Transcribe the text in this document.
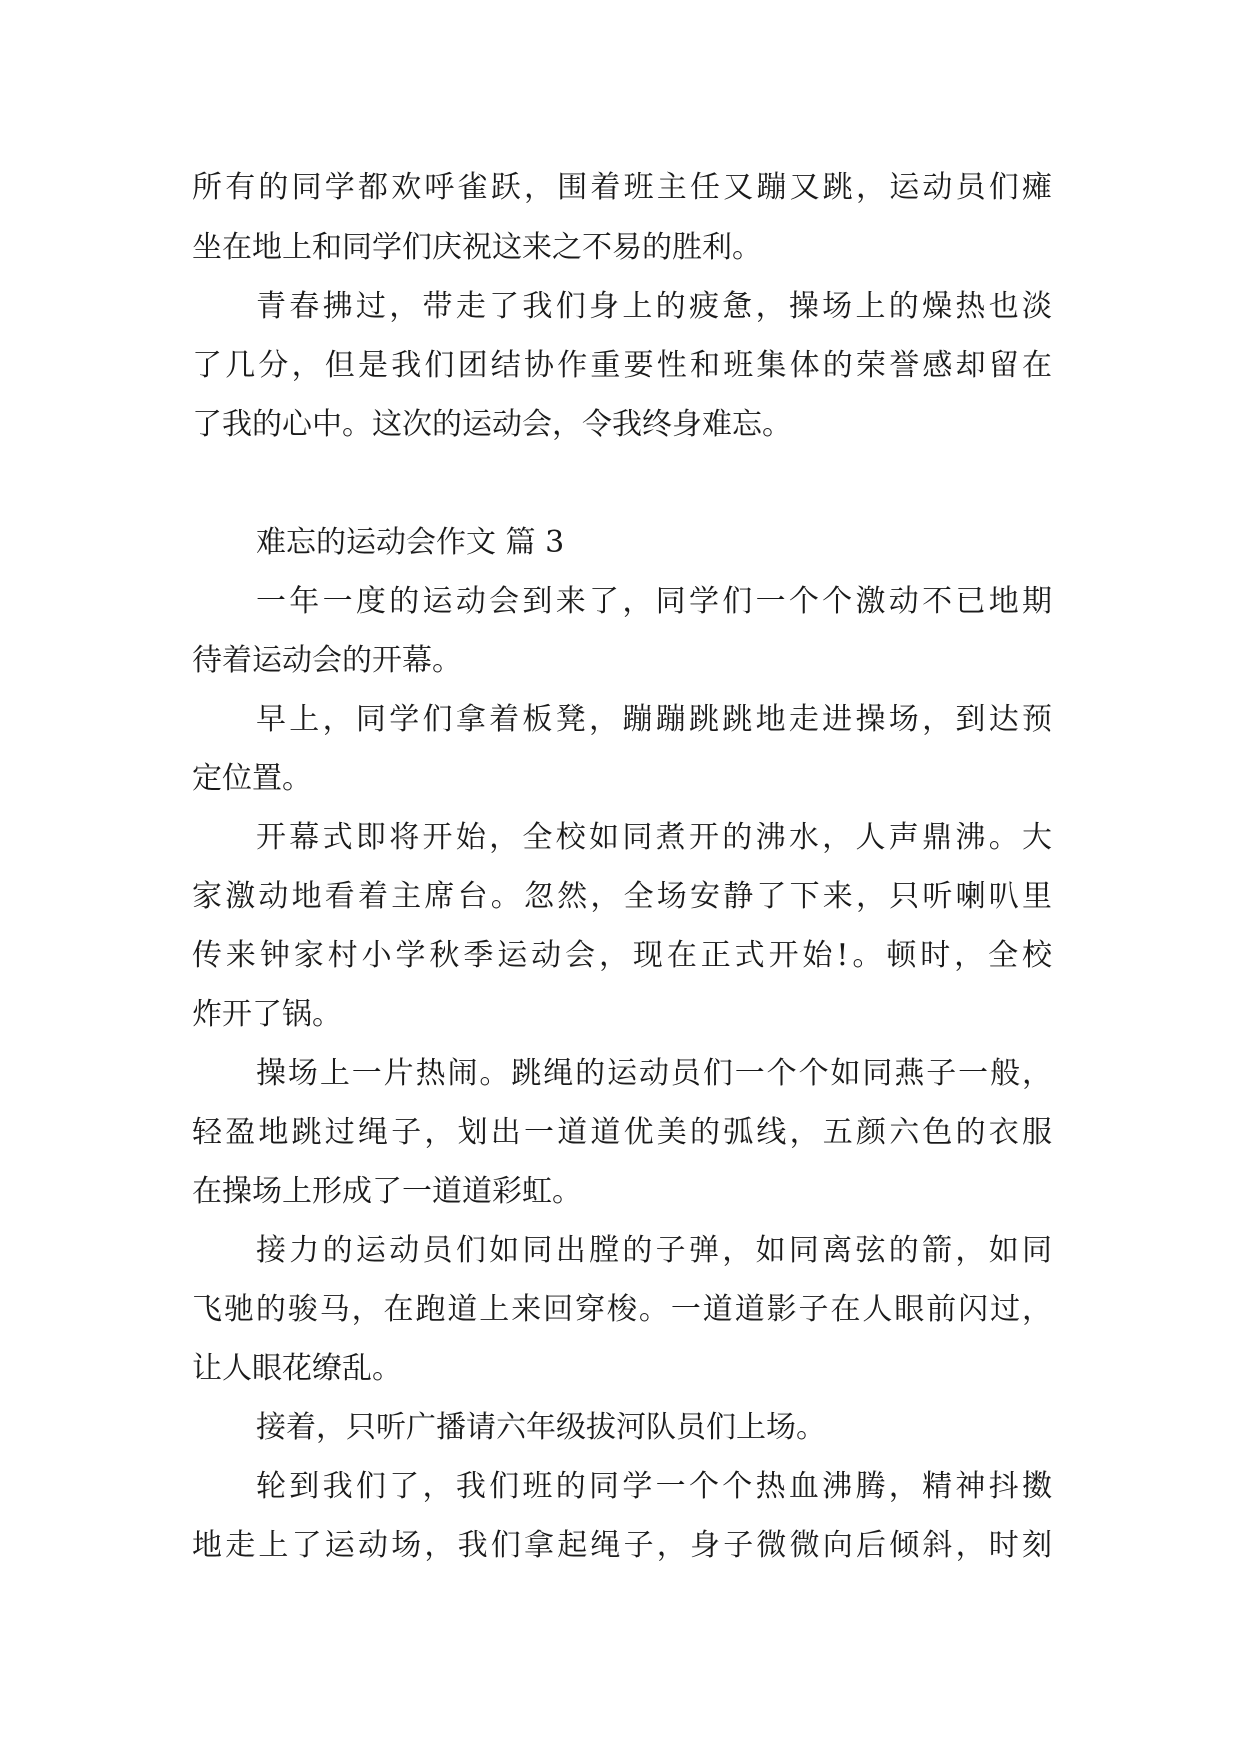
所有的同学都欢呼雀跃，围着班主任又蹦又跳，运动员们瘫

坐在地上和同学们庆祝这来之不易的胜利。

青春拂过，带走了我们身上的疲惫，操场上的燥热也淡

了几分，但是我们团结协作重要性和班集体的荣誉感却留在

了我的心中。这次的运动会，令我终身难忘。

难忘的运动会作文 篇 3

一年一度的运动会到来了，同学们一个个激动不已地期

待着运动会的开幕。

早上，同学们拿着板凳，蹦蹦跳跳地走进操场，到达预

定位置。

开幕式即将开始，全校如同煮开的沸水，人声鼎沸。大

家激动地看着主席台。忽然，全场安静了下来，只听喇叭里

传来钟家村小学秋季运动会，现在正式开始!。顿时，全校

炸开了锅。

操场上一片热闹。跳绳的运动员们一个个如同燕子一般，

轻盈地跳过绳子，划出一道道优美的弧线，五颜六色的衣服

在操场上形成了一道道彩虹。

接力的运动员们如同出膛的子弹，如同离弦的箭，如同

飞驰的骏马，在跑道上来回穿梭。一道道影子在人眼前闪过，

让人眼花缭乱。

接着，只听广播请六年级拔河队员们上场。

轮到我们了，我们班的同学一个个热血沸腾，精神抖擞

地走上了运动场，我们拿起绳子，身子微微向后倾斜，时刻
